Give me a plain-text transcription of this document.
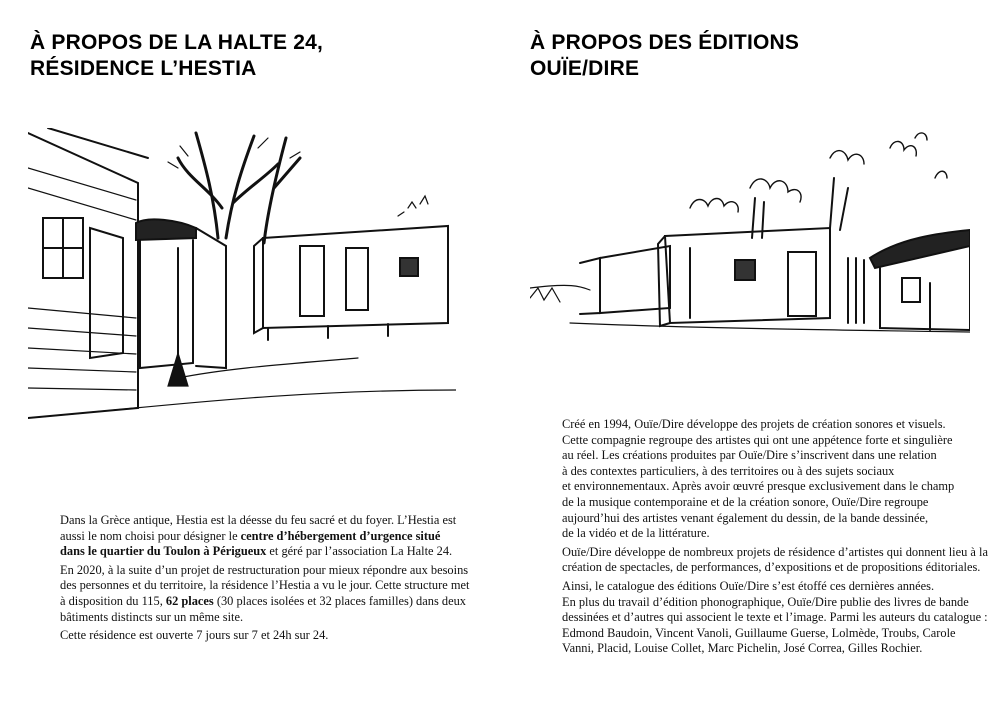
À PROPOS DE LA HALTE 24,
RÉSIDENCE L’HESTIA

Dans la Grèce antique, Hestia est la déesse du feu sacré et du foyer. L’Hestia est aussi le nom choisi pour désigner le centre d’hébergement d’urgence situé dans le quartier du Toulon à Périgueux et géré par l’association La Halte 24.

En 2020, à la suite d’un projet de restructuration pour mieux répondre aux besoins
des personnes et du territoire, la résidence l’Hestia a vu le jour. Cette structure met
à disposition du 115, 62 places (30 places isolées et 32 places familles) dans deux
bâtiments distincts sur un même site.

Cette résidence est ouverte 7 jours sur 7 et 24h sur 24.

À PROPOS DES ÉDITIONS
OUÏE/DIRE

Créé en 1994, Ouïe/Dire développe des projets de création sonores et visuels.
Cette compagnie regroupe des artistes qui ont une appétence forte et singulière
au réel. Les créations produites par Ouïe/Dire s’inscrivent dans une relation
à des contextes particuliers, à des territoires ou à des sujets sociaux
et environnementaux. Après avoir œuvré presque exclusivement dans le champ
de la musique contemporaine et de la création sonore, Ouïe/Dire regroupe
aujourd’hui des artistes venant également du dessin, de la bande dessinée,
de la vidéo et de la littérature.

Ouïe/Dire développe de nombreux projets de résidence d’artistes qui donnent lieu à la
création de spectacles, de performances, d’expositions et de propositions éditoriales.

Ainsi, le catalogue des éditions Ouïe/Dire s’est étoffé ces dernières années.
En plus du travail d’édition phonographique, Ouïe/Dire publie des livres de bande
dessinées et d’autres qui associent le texte et l’image. Parmi les auteurs du catalogue :
Edmond Baudoin, Vincent Vanoli, Guillaume Guerse, Lolmède, Troubs, Carole
Vanni, Placid, Louise Collet, Marc Pichelin, José Correa, Gilles Rochier.
